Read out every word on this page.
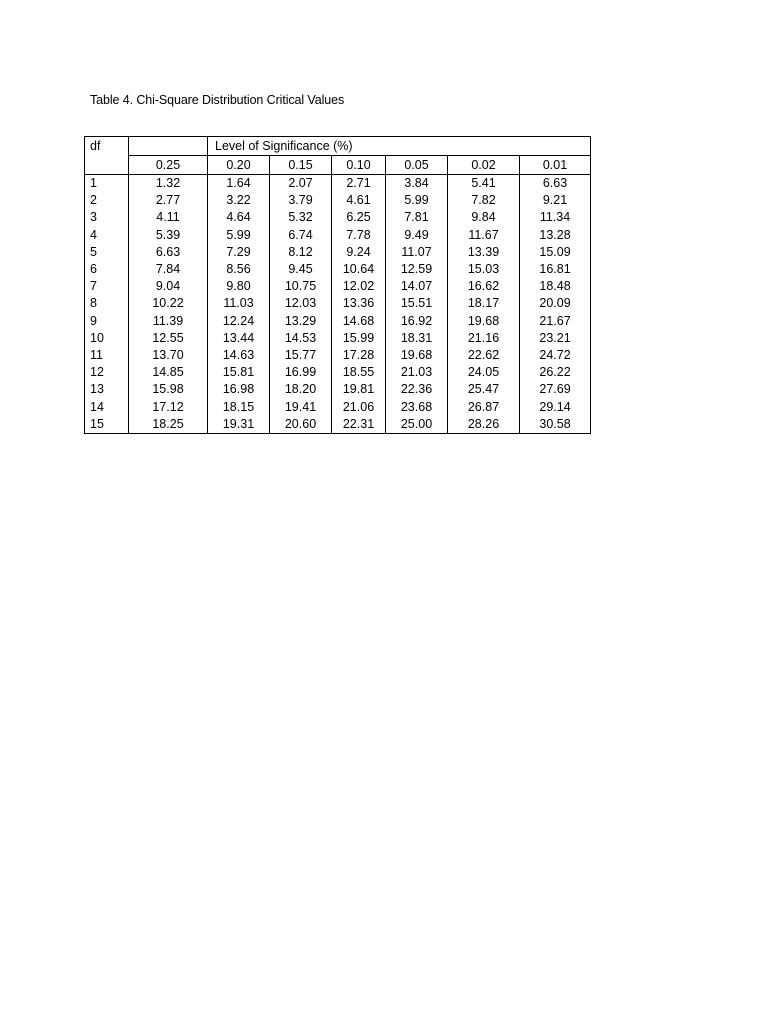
Table 4. Chi-Square Distribution Critical Values
df		Level of Significance (%)					
	0.25	0.20	0.15	0.10	0.05	0.02	0.01
1	1.32	1.64	2.07	2.71	3.84	5.41	6.63
2	2.77	3.22	3.79	4.61	5.99	7.82	9.21
3	4.11	4.64	5.32	6.25	7.81	9.84	11.34
4	5.39	5.99	6.74	7.78	9.49	11.67	13.28
5	6.63	7.29	8.12	9.24	11.07	13.39	15.09
6	7.84	8.56	9.45	10.64	12.59	15.03	16.81
7	9.04	9.80	10.75	12.02	14.07	16.62	18.48
8	10.22	11.03	12.03	13.36	15.51	18.17	20.09
9	11.39	12.24	13.29	14.68	16.92	19.68	21.67
10	12.55	13.44	14.53	15.99	18.31	21.16	23.21
11	13.70	14.63	15.77	17.28	19.68	22.62	24.72
12	14.85	15.81	16.99	18.55	21.03	24.05	26.22
13	15.98	16.98	18.20	19.81	22.36	25.47	27.69
14	17.12	18.15	19.41	21.06	23.68	26.87	29.14
15	18.25	19.31	20.60	22.31	25.00	28.26	30.58
